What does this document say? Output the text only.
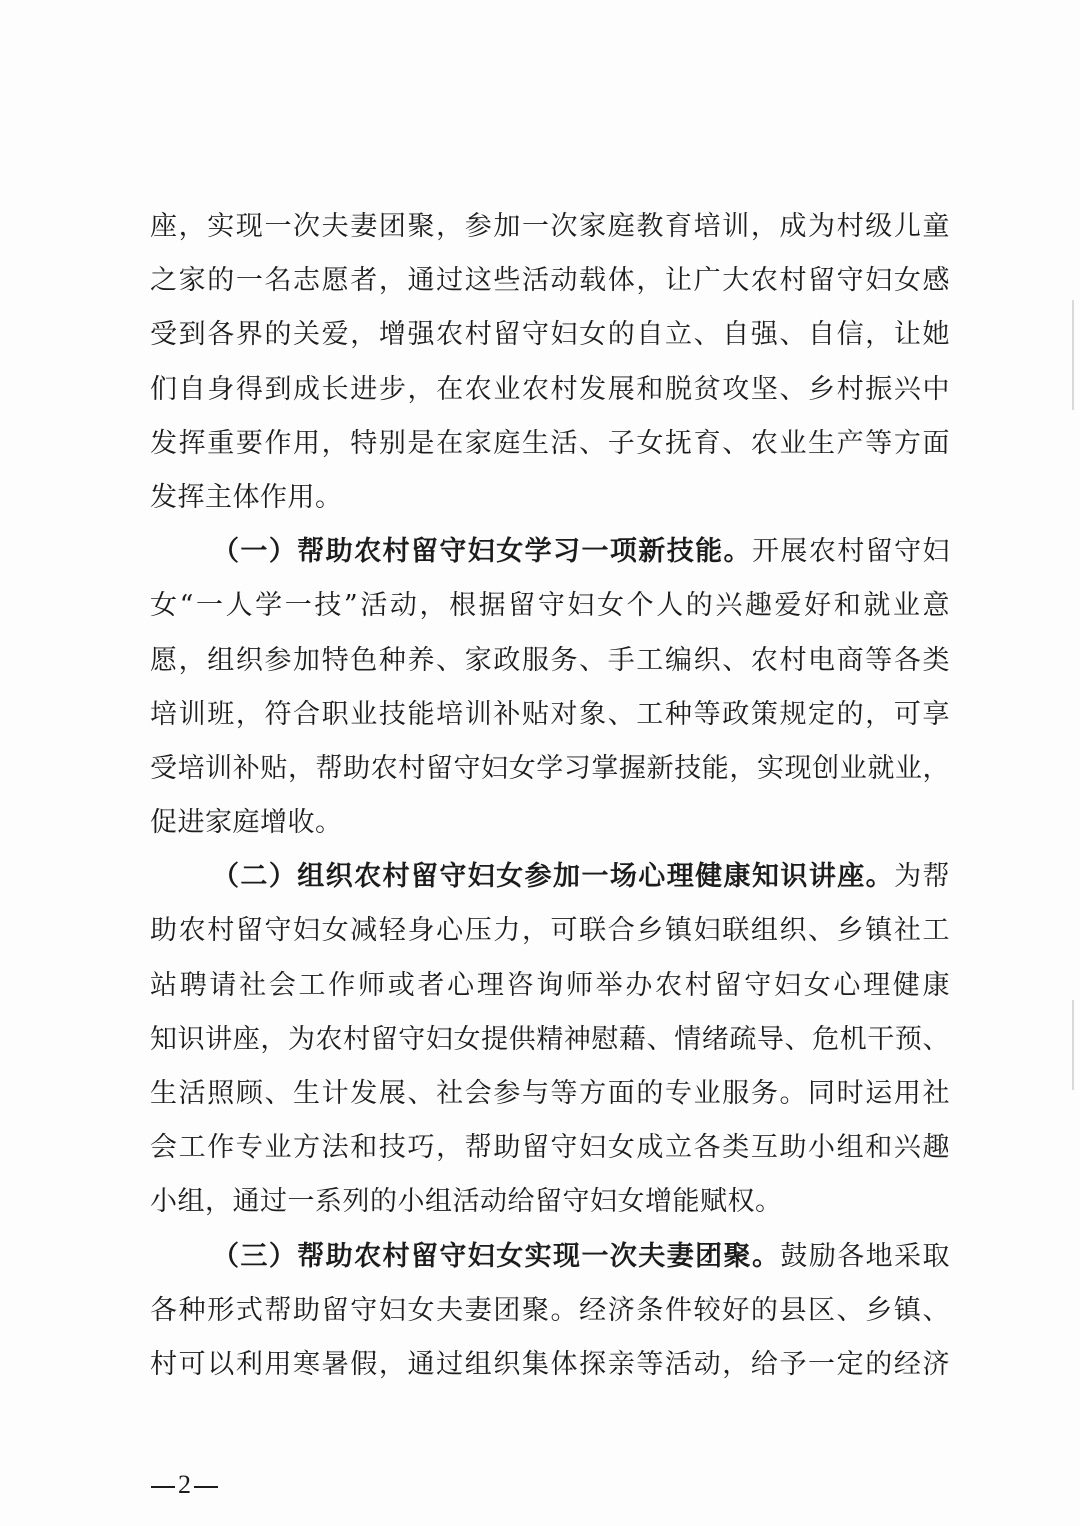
座，实现一次夫妻团聚，参加一次家庭教育培训，成为村级儿童
之家的一名志愿者，通过这些活动载体，让广大农村留守妇女感
受到各界的关爱，增强农村留守妇女的自立、自强、自信，让她
们自身得到成长进步，在农业农村发展和脱贫攻坚、乡村振兴中
发挥重要作用，特别是在家庭生活、子女抚育、农业生产等方面
发挥主体作用。
（一）帮助农村留守妇女学习一项新技能。开展农村留守妇
女“一人学一技”活动，根据留守妇女个人的兴趣爱好和就业意
愿，组织参加特色种养、家政服务、手工编织、农村电商等各类
培训班，符合职业技能培训补贴对象、工种等政策规定的，可享
受培训补贴，帮助农村留守妇女学习掌握新技能，实现创业就业，
促进家庭增收。
（二）组织农村留守妇女参加一场心理健康知识讲座。为帮
助农村留守妇女减轻身心压力，可联合乡镇妇联组织、乡镇社工
站聘请社会工作师或者心理咨询师举办农村留守妇女心理健康
知识讲座，为农村留守妇女提供精神慰藉、情绪疏导、危机干预、
生活照顾、生计发展、社会参与等方面的专业服务。同时运用社
会工作专业方法和技巧，帮助留守妇女成立各类互助小组和兴趣
小组，通过一系列的小组活动给留守妇女增能赋权。
（三）帮助农村留守妇女实现一次夫妻团聚。鼓励各地采取
各种形式帮助留守妇女夫妻团聚。经济条件较好的县区、乡镇、
村可以利用寒暑假，通过组织集体探亲等活动，给予一定的经济
2
